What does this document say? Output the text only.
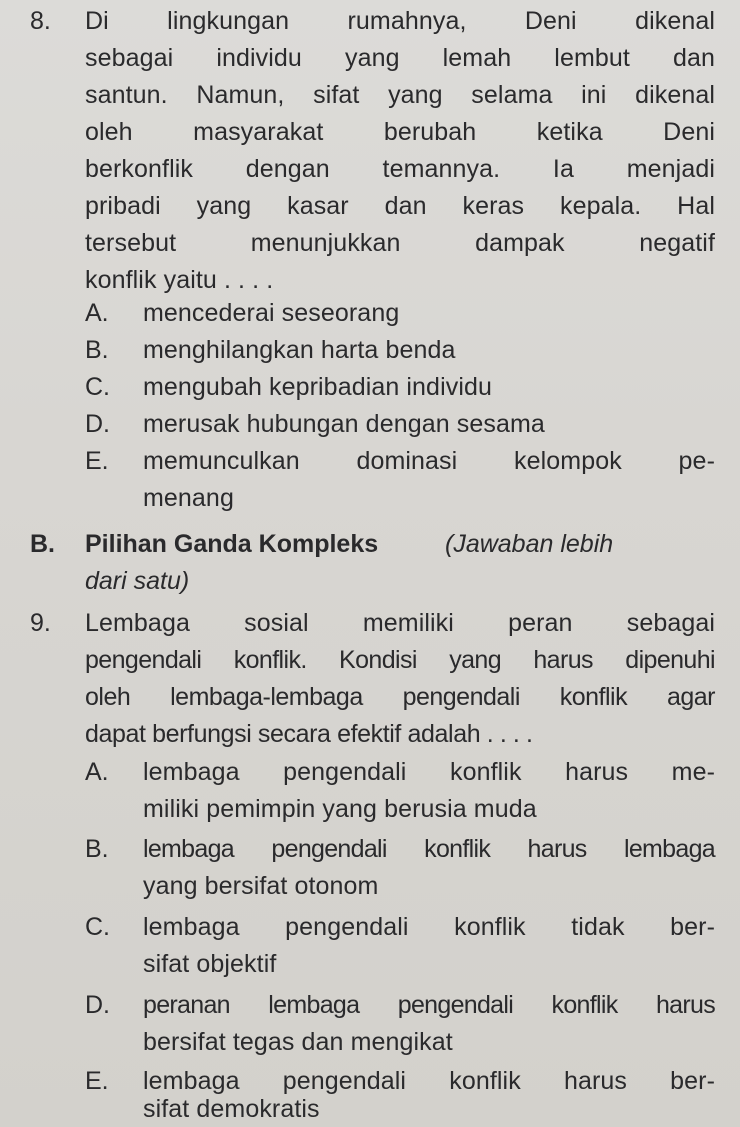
8. Di lingkungan rumahnya, Deni dikenal
sebagai individu yang lemah lembut dan
santun. Namun, sifat yang selama ini dikenal
oleh masyarakat berubah ketika Deni
berkonflik dengan temannya. Ia menjadi
pribadi yang kasar dan keras kepala. Hal
tersebut menunjukkan dampak negatif
konflik yaitu . . . .
A. mencederai seseorang
B. menghilangkan harta benda
C. mengubah kepribadian individu
D. merusak hubungan dengan sesama
E. memunculkan dominasi kelompok pe-
menang
B. Pilihan Ganda Kompleks	(Jawaban lebih
dari satu)
9. Lembaga sosial memiliki peran sebagai
pengendali konflik. Kondisi yang harus dipenuhi
oleh lembaga-lembaga pengendali konflik agar
dapat berfungsi secara efektif adalah . . . .
A. lembaga pengendali konflik harus me-
miliki pemimpin yang berusia muda
B. lembaga pengendali konflik harus lembaga
yang bersifat otonom
C. lembaga pengendali konflik tidak ber-
sifat objektif
D. peranan lembaga pengendali konflik harus
bersifat tegas dan mengikat
E. lembaga pengendali konflik harus ber-
sifat demokratis
